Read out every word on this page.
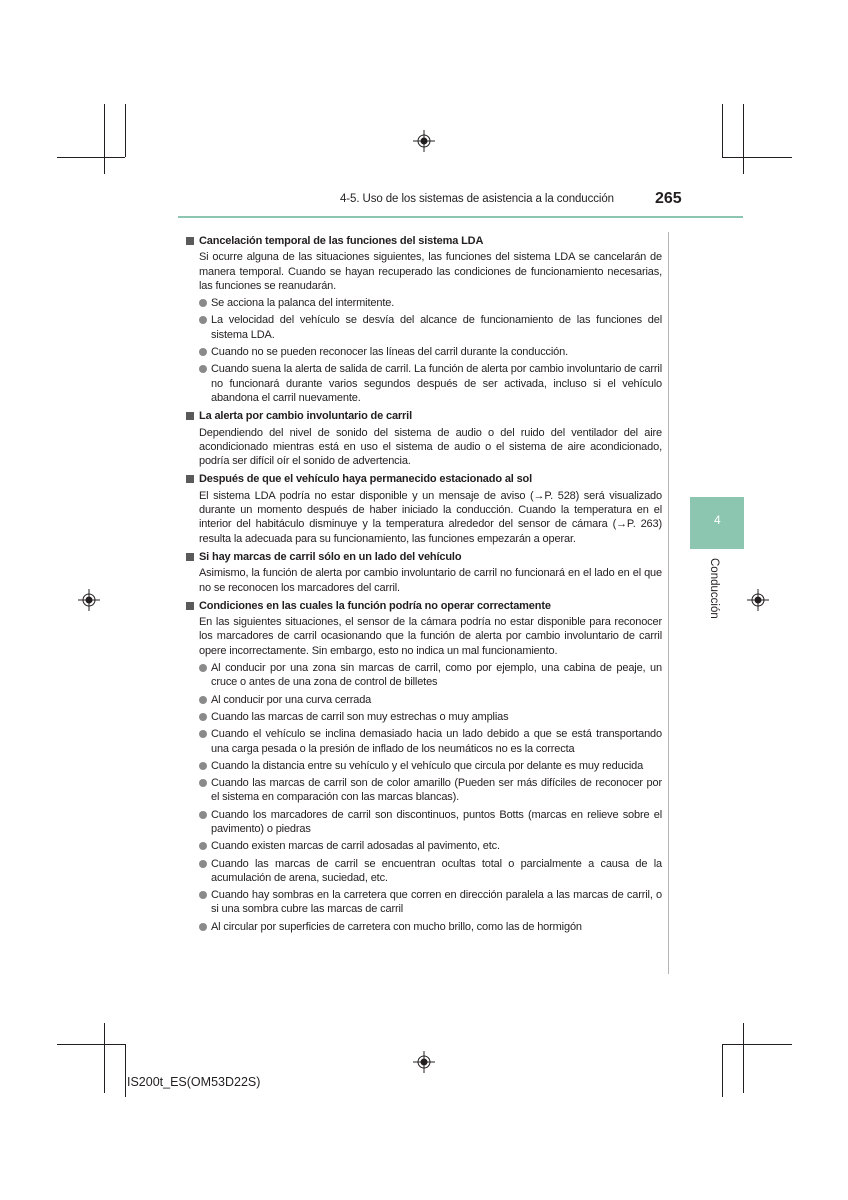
4-5. Uso de los sistemas de asistencia a la conducción	265
4
Conducción

Cancelación temporal de las funciones del sistema LDA

Si ocurre alguna de las situaciones siguientes, las funciones del sistema LDA se cancelarán de manera temporal. Cuando se hayan recuperado las condiciones de funcionamiento necesarias, las funciones se reanudarán.

Se acciona la palanca del intermitente.

La velocidad del vehículo se desvía del alcance de funcionamiento de las funciones del sistema LDA.

Cuando no se pueden reconocer las líneas del carril durante la conducción.

Cuando suena la alerta de salida de carril. La función de alerta por cambio involuntario de carril no funcionará durante varios segundos después de ser activada, incluso si el vehículo abandona el carril nuevamente.

La alerta por cambio involuntario de carril

Dependiendo del nivel de sonido del sistema de audio o del ruido del ventilador del aire acondicionado mientras está en uso el sistema de audio o el sistema de aire acondicionado, podría ser difícil oír el sonido de advertencia.

Después de que el vehículo haya permanecido estacionado al sol

El sistema LDA podría no estar disponible y un mensaje de aviso (→P. 528) será visualizado durante un momento después de haber iniciado la conducción. Cuando la temperatura en el interior del habitáculo disminuye y la temperatura alrededor del sensor de cámara (→P. 263) resulta la adecuada para su funcionamiento, las funciones empezarán a operar.

Si hay marcas de carril sólo en un lado del vehículo

Asimismo, la función de alerta por cambio involuntario de carril no funcionará en el lado en el que no se reconocen los marcadores del carril.

Condiciones en las cuales la función podría no operar correctamente

En las siguientes situaciones, el sensor de la cámara podría no estar disponible para reconocer los marcadores de carril ocasionando que la función de alerta por cambio involuntario de carril opere incorrectamente. Sin embargo, esto no indica un mal funcionamiento.

Al conducir por una zona sin marcas de carril, como por ejemplo, una cabina de peaje, un cruce o antes de una zona de control de billetes

Al conducir por una curva cerrada

Cuando las marcas de carril son muy estrechas o muy amplias

Cuando el vehículo se inclina demasiado hacia un lado debido a que se está transportando una carga pesada o la presión de inflado de los neumáticos no es la correcta

Cuando la distancia entre su vehículo y el vehículo que circula por delante es muy reducida

Cuando las marcas de carril son de color amarillo (Pueden ser más difíciles de reconocer por el sistema en comparación con las marcas blancas).

Cuando los marcadores de carril son discontinuos, puntos Botts (marcas en relieve sobre el pavimento) o piedras

Cuando existen marcas de carril adosadas al pavimento, etc.

Cuando las marcas de carril se encuentran ocultas total o parcialmente a causa de la acumulación de arena, suciedad, etc.

Cuando hay sombras en la carretera que corren en dirección paralela a las marcas de carril, o si una sombra cubre las marcas de carril

Al circular por superficies de carretera con mucho brillo, como las de hormigón

IS200t_ES(OM53D22S)
